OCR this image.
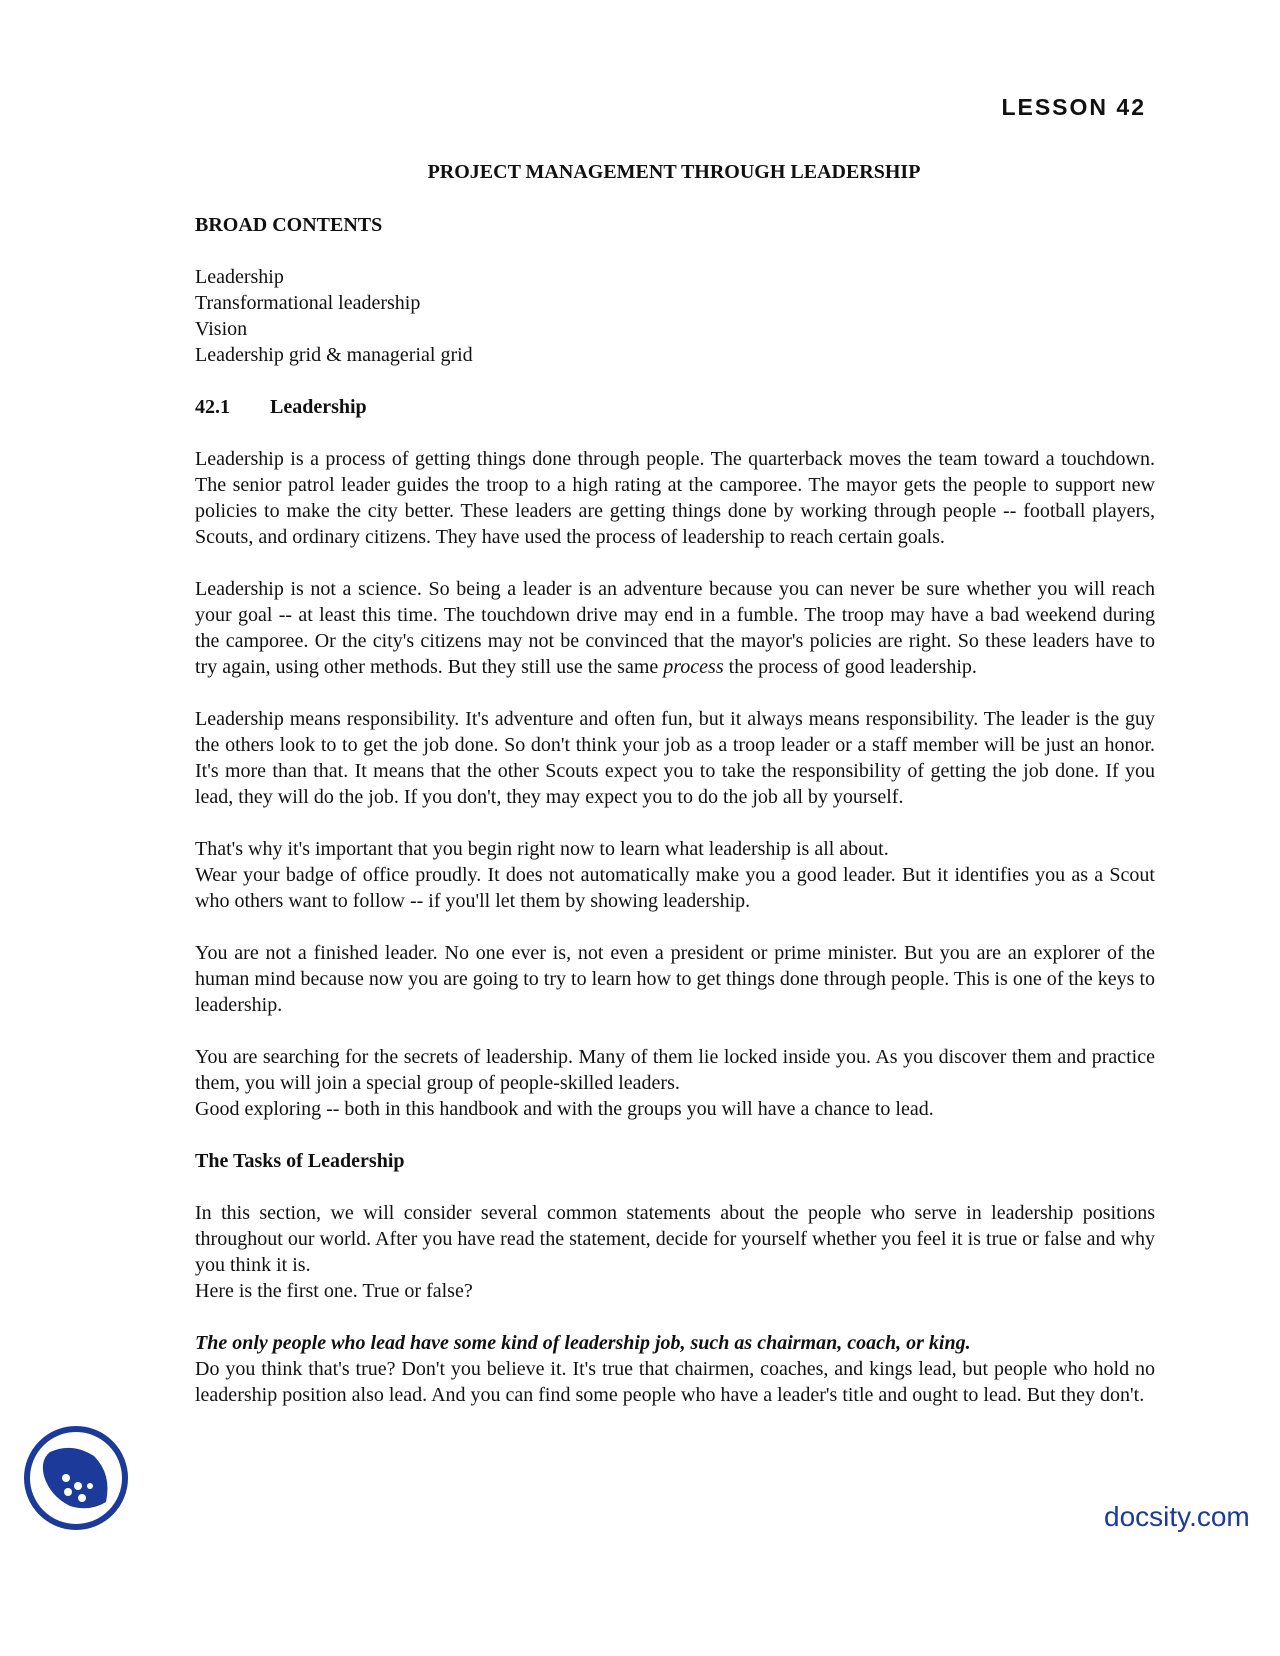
LESSON 42
PROJECT MANAGEMENT THROUGH LEADERSHIP
BROAD CONTENTS
Leadership
Transformational leadership
Vision
Leadership grid & managerial grid
42.1 Leadership

Leadership is a process of getting things done through people. The quarterback moves the team toward a touchdown. The senior patrol leader guides the troop to a high rating at the camporee. The mayor gets the people to support new policies to make the city better. These leaders are getting things done by working through people -- football players, Scouts, and ordinary citizens. They have used the process of leadership to reach certain goals.

Leadership is not a science. So being a leader is an adventure because you can never be sure whether you will reach your goal -- at least this time. The touchdown drive may end in a fumble. The troop may have a bad weekend during the camporee. Or the city's citizens may not be convinced that the mayor's policies are right. So these leaders have to try again, using other methods. But they still use the same process the process of good leadership.

Leadership means responsibility. It's adventure and often fun, but it always means responsibility. The leader is the guy the others look to to get the job done. So don't think your job as a troop leader or a staff member will be just an honor. It's more than that. It means that the other Scouts expect you to take the responsibility of getting the job done. If you lead, they will do the job. If you don't, they may expect you to do the job all by yourself.

That's why it's important that you begin right now to learn what leadership is all about.

Wear your badge of office proudly. It does not automatically make you a good leader. But it identifies you as a Scout who others want to follow -- if you'll let them by showing leadership.

You are not a finished leader. No one ever is, not even a president or prime minister. But you are an explorer of the human mind because now you are going to try to learn how to get things done through people. This is one of the keys to leadership.

You are searching for the secrets of leadership. Many of them lie locked inside you. As you discover them and practice them, you will join a special group of people-skilled leaders.

Good exploring -- both in this handbook and with the groups you will have a chance to lead.

The Tasks of Leadership

In this section, we will consider several common statements about the people who serve in leadership positions throughout our world. After you have read the statement, decide for yourself whether you feel it is true or false and why you think it is.

Here is the first one. True or false?

The only people who lead have some kind of leadership job, such as chairman, coach, or king.

Do you think that's true? Don't you believe it. It's true that chairmen, coaches, and kings lead, but people who hold no leadership position also lead. And you can find some people who have a leader's title and ought to lead. But they don't.

docsity.com
